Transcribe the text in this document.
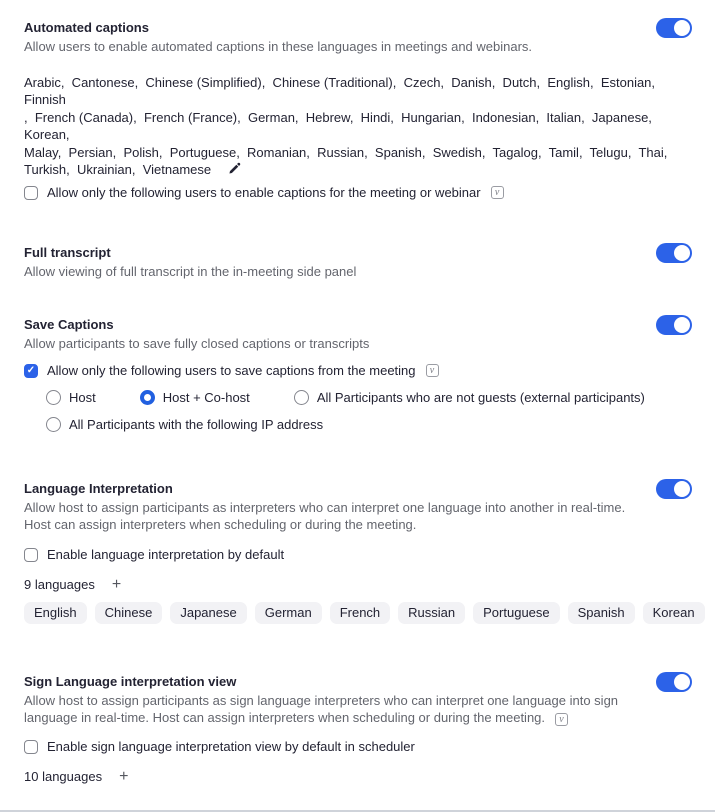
Automated captions

Allow users to enable automated captions in these languages in meetings and webinars.

Arabic,  Cantonese,  Chinese (Simplified),  Chinese (Traditional),  Czech,  Danish,  Dutch,  English,  Estonian,  Finnish
,  French (Canada),  French (France),  German,  Hebrew,  Hindi,  Hungarian,  Indonesian,  Italian,  Japanese,  Korean,
Malay,  Persian,  Polish,  Portuguese,  Romanian,  Russian,  Spanish,  Swedish,  Tagalog,  Tamil,  Telugu,  Thai,
Turkish,  Ukrainian,  Vietnamese
Allow only the following users to enable captions for the meeting or webinar	v
Full transcript

Allow viewing of full transcript in the in-meeting side panel

Save Captions

Allow participants to save fully closed captions or transcripts

✓ Allow only the following users to save captions from the meeting	v
Host	Host + Co-host	All Participants who are not guests (external participants)
All Participants with the following IP address
Language Interpretation

Allow host to assign participants as interpreters who can interpret one language into another in real-time. Host can assign interpreters when scheduling or during the meeting.

Enable language interpretation by default
9 languages +
English	Chinese	Japanese	German	French	Russian	Portuguese	Spanish	Korean
Sign Language interpretation view

Allow host to assign participants as sign language interpreters who can interpret one language into sign language in real-time. Host can assign interpreters when scheduling or during the meeting. v

Enable sign language interpretation view by default in scheduler
10 languages +
